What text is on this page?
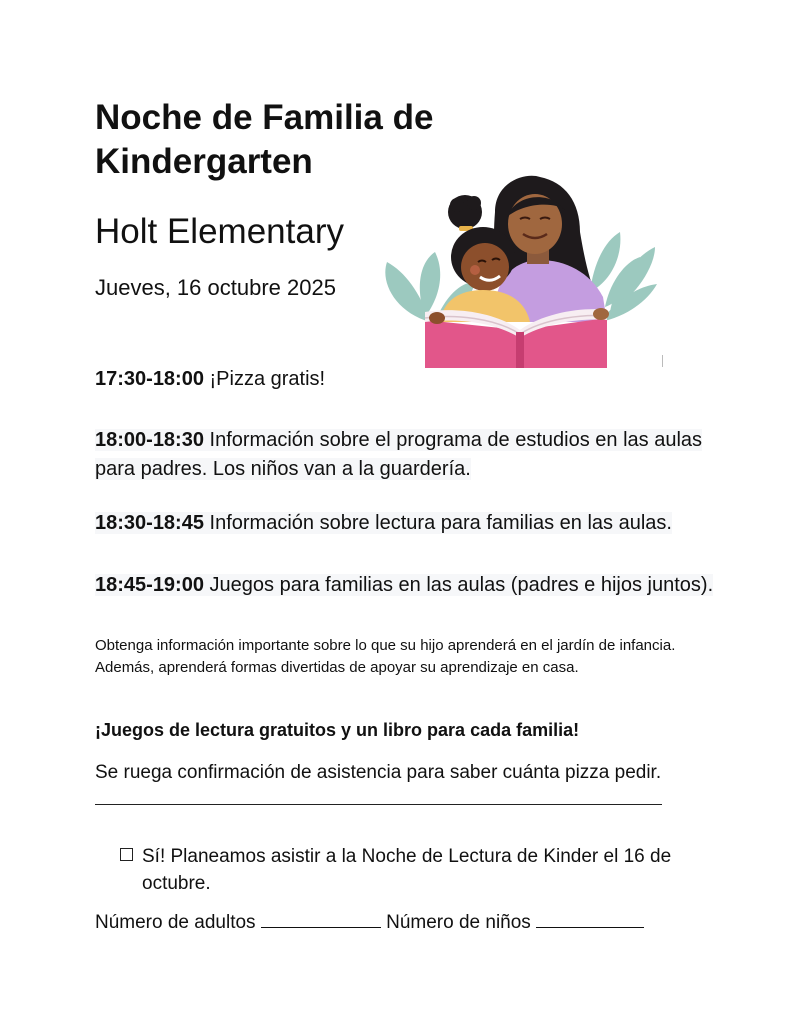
Noche de Familia de Kindergarten
Holt Elementary
Jueves, 16 octubre 2025
17:30-18:00 ¡Pizza gratis!
18:00-18:30 Información sobre el programa de estudios en las aulas para padres. Los niños van a la guardería.
18:30-18:45 Información sobre lectura para familias en las aulas.
18:45-19:00 Juegos para familias en las aulas (padres e hijos juntos).
Obtenga información importante sobre lo que su hijo aprenderá en el jardín de infancia. Además, aprenderá formas divertidas de apoyar su aprendizaje en casa.
¡Juegos de lectura gratuitos y un libro para cada familia!
Se ruega confirmación de asistencia para saber cuánta pizza pedir.
Sí! Planeamos asistir a la Noche de Lectura de Kinder el 16 de octubre.
Número de adultos	Número de niños
